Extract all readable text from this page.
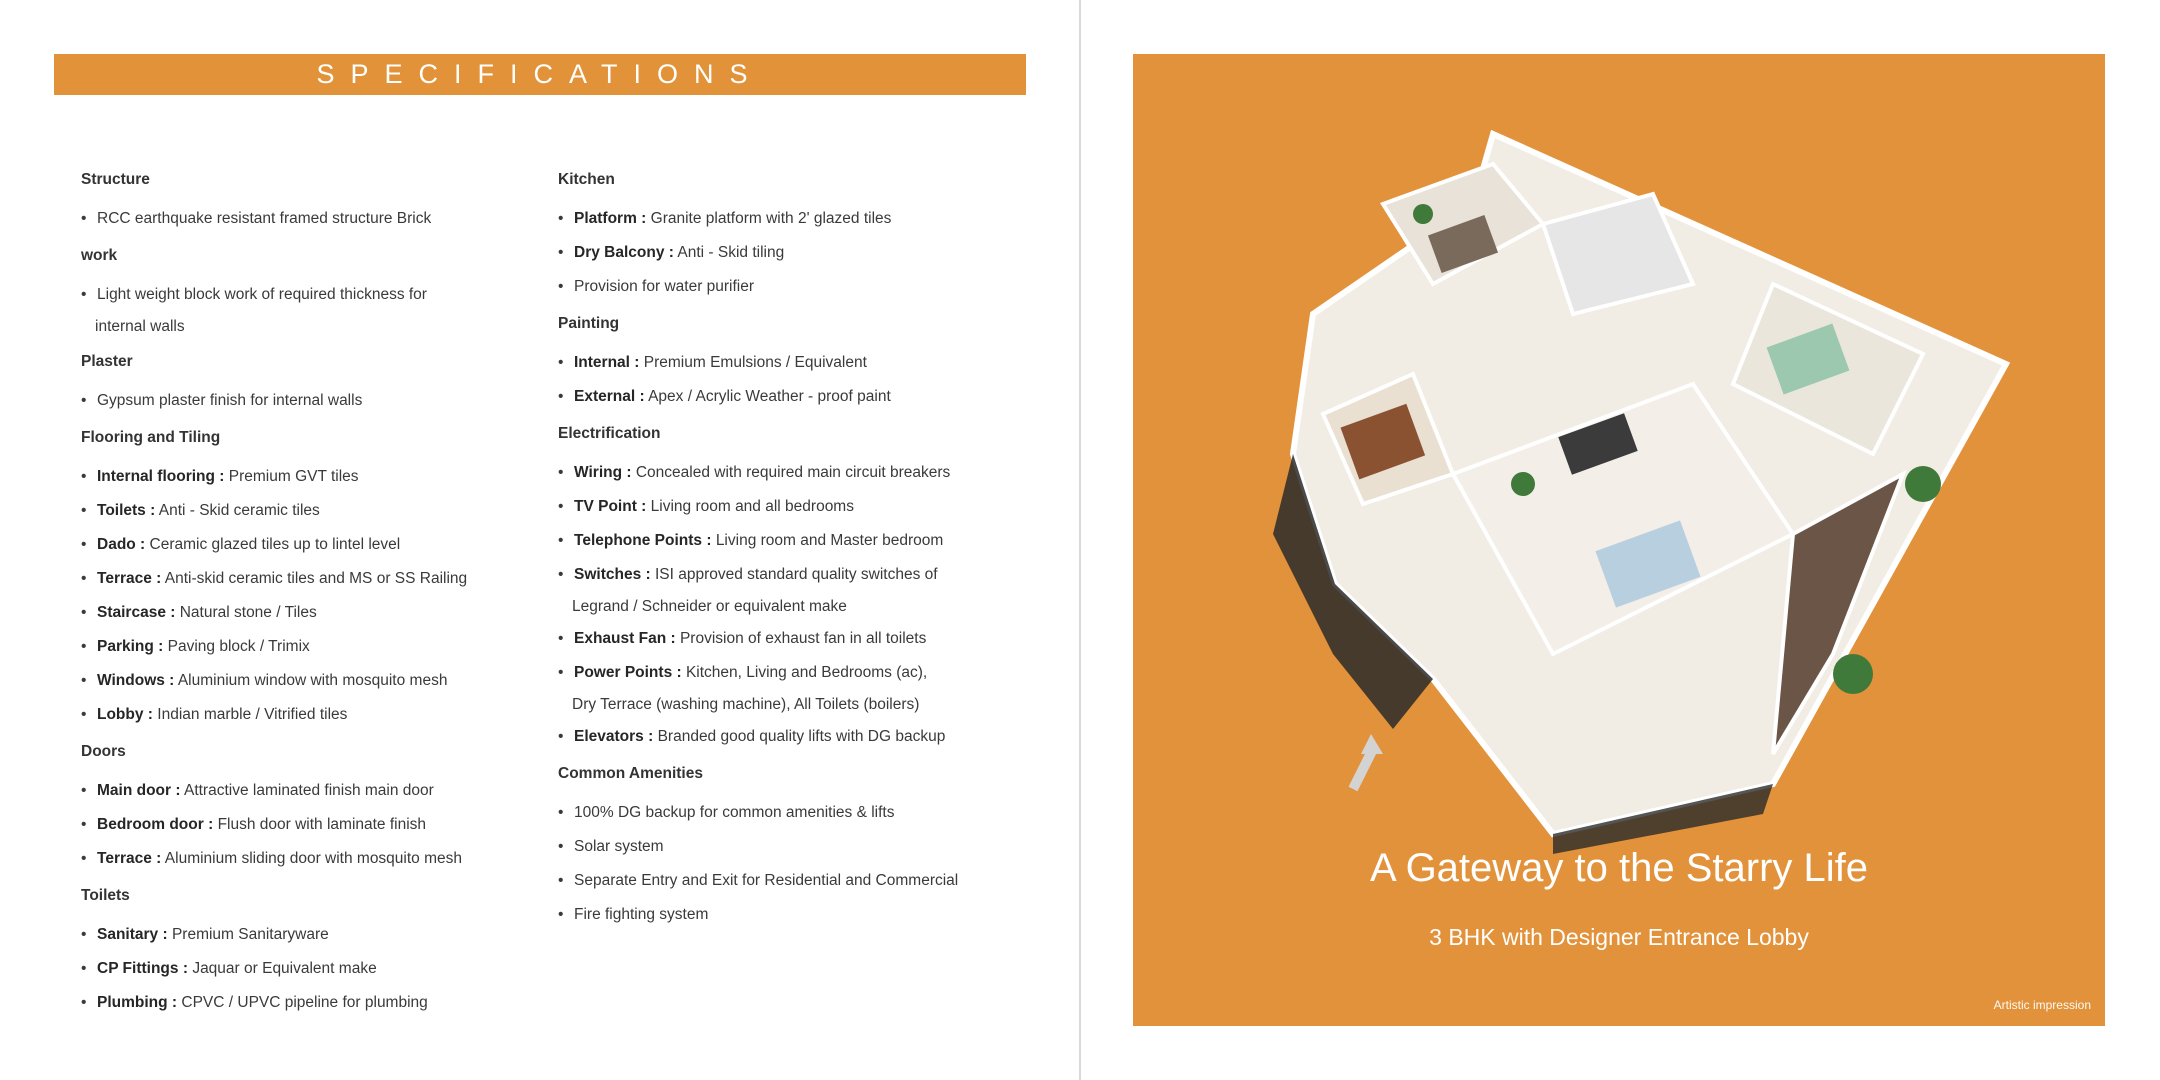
SPECIFICATIONS
Structure
• RCC earthquake resistant framed structure Brick
work
• Light weight block work of required thickness for
internal walls
Plaster
• Gypsum plaster finish for internal walls
Flooring and Tiling
• Internal flooring : Premium GVT tiles
• Toilets : Anti - Skid ceramic tiles
• Dado : Ceramic glazed tiles up to lintel level
• Terrace : Anti-skid ceramic tiles and MS or SS Railing
• Staircase : Natural stone / Tiles
• Parking : Paving block / Trimix
• Windows : Aluminium window with mosquito mesh
• Lobby : Indian marble / Vitrified tiles
Doors
• Main door : Attractive laminated finish main door
• Bedroom door : Flush door with laminate finish
• Terrace : Aluminium sliding door with mosquito mesh
Toilets
• Sanitary : Premium Sanitaryware
• CP Fittings : Jaquar or Equivalent make
• Plumbing : CPVC / UPVC pipeline for plumbing
Kitchen
• Platform : Granite platform with 2' glazed tiles
• Dry Balcony : Anti - Skid tiling
• Provision for water purifier
Painting
• Internal : Premium Emulsions / Equivalent
• External : Apex / Acrylic Weather - proof paint
Electrification
• Wiring : Concealed with required main circuit breakers
• TV Point : Living room and all bedrooms
• Telephone Points : Living room and Master bedroom
• Switches : ISI approved standard quality switches of
Legrand / Schneider or equivalent make
• Exhaust Fan : Provision of exhaust fan in all toilets
• Power Points : Kitchen, Living and Bedrooms (ac),
Dry Terrace (washing machine), All Toilets (boilers)
• Elevators : Branded good quality lifts with DG backup
Common Amenities
• 100% DG backup for common amenities & lifts
• Solar system
• Separate Entry and Exit for Residential and Commercial
• Fire fighting system
A Gateway to the Starry Life
3 BHK with Designer Entrance Lobby
Artistic impression
